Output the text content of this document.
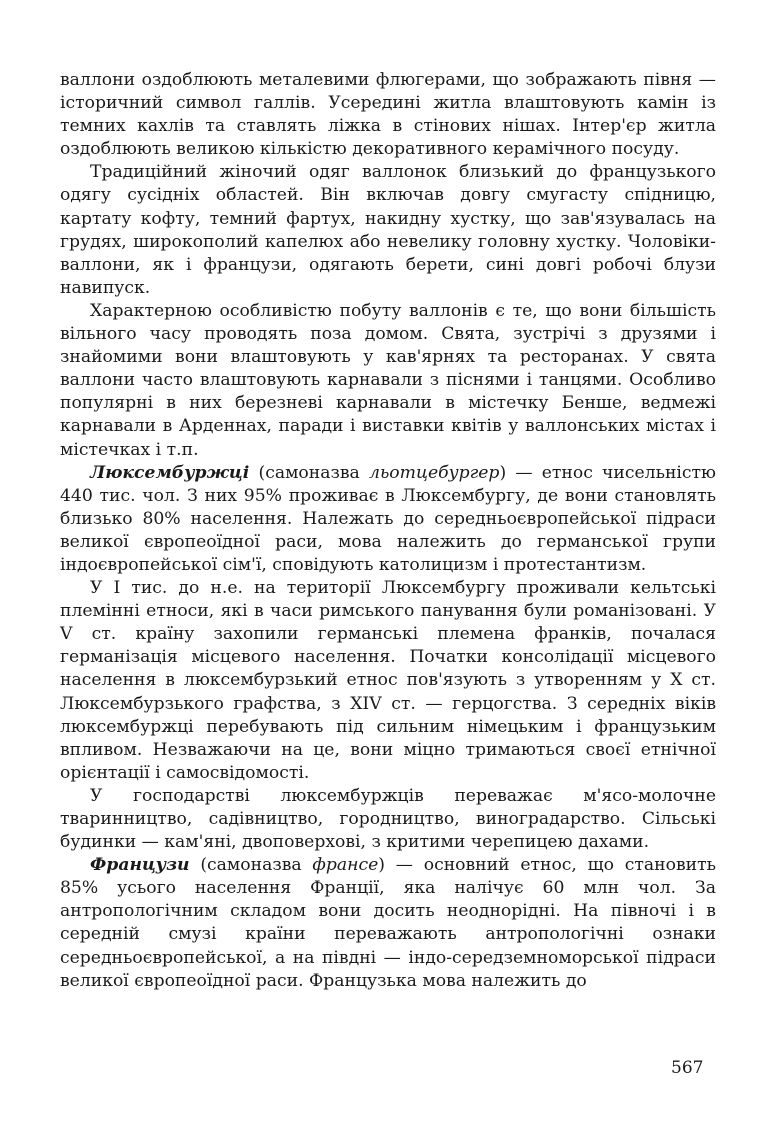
валлони оздоблюють металевими флюгерами, що зображають півня — історичний символ галлів. Усередині житла влаштовують камін із темних кахлів та ставлять ліжка в стінових нішах. Інтер'єр житла оздоблюють великою кількістю декоративного керамічного посуду.

Традиційний жіночий одяг валлонок близький до французького одягу сусідніх областей. Він включав довгу смугасту спідницю, картату кофту, темний фартух, накидну хустку, що зав'язувалась на грудях, широкополий капелюх або невелику головну хустку. Чоловіки-валлони, як і французи, одягають берети, сині довгі робочі блузи навипуск.

Характерною особливістю побуту валлонів є те, що вони більшість вільного часу проводять поза домом. Свята, зустрічі з друзями і знайомими вони влаштовують у кав'ярнях та ресторанах. У свята валлони часто влаштовують карнавали з піснями і танцями. Особливо популярні в них березневі карнавали в містечку Бенше, ведмежі карнавали в Арденнах, паради і виставки квітів у валлонських містах і містечках і т.п.

Люксембуржці (самоназва льотцебургер) — етнос чисельністю 440 тис. чол. З них 95% проживає в Люксембургу, де вони становлять близько 80% населення. Належать до середньоєвропейської підраси великої європеоїдної раси, мова належить до германської групи індоєвропейської сім'ї, сповідують католицизм і протестантизм.

У І тис. до н.е. на території Люксембургу проживали кельтські племінні етноси, які в часи римського панування були романізовані. У V ст. країну захопили германські племена франків, почалася германізація місцевого населення. Початки консолідації місцевого населення в люксембурзький етнос пов'язують з утворенням у Х ст. Люксембурзького графства, з XIV ст. — герцогства. З середніх віків люксембуржці перебувають під сильним німецьким і французьким впливом. Незважаючи на це, вони міцно тримаються своєї етнічної орієнтації і самосвідомості.

У господарстві люксембуржців переважає м'ясо-молочне тваринництво, садівництво, городництво, виноградарство. Сільські будинки — кам'яні, двоповерхові, з критими черепицею дахами.

Французи (самоназва франсе) — основний етнос, що становить 85% усього населення Франції, яка налічує 60 млн чол. За антропологічним складом вони досить неоднорідні. На півночі і в середній смузі країни переважають антропологічні ознаки середньоєвропейської, а на півдні — індо-середземноморської підраси великої європеоїдної раси. Французька мова належить до

567
